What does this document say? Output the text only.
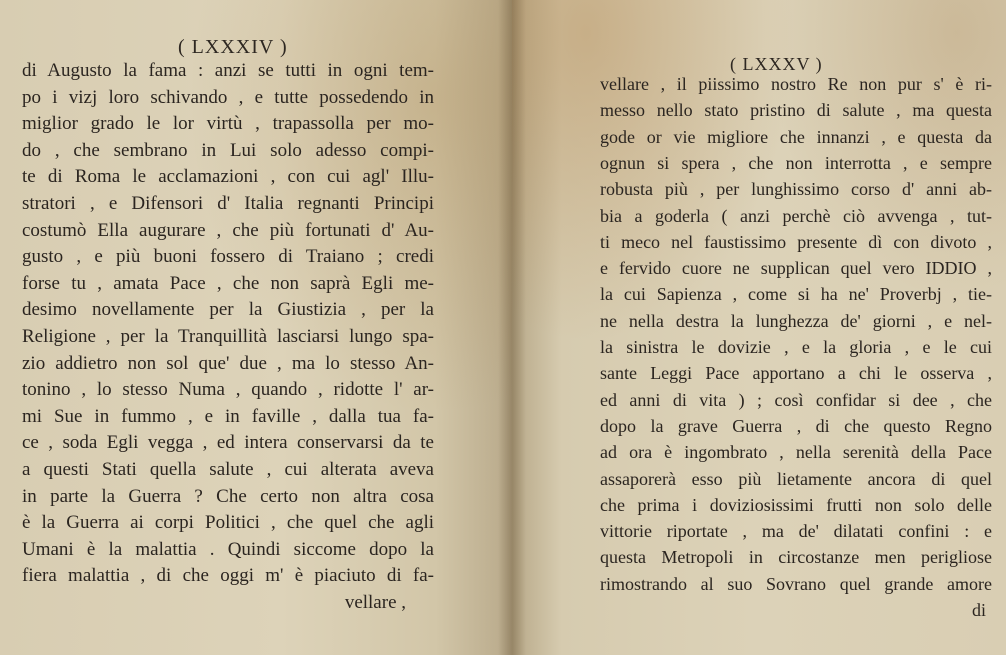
( LXXXIV )
di Augusto la fama : anzi se tutti in ogni tem-
po i vizj loro schivando , e tutte possedendo in
miglior grado le lor virtù , trapassolla per mo-
do , che sembrano in Lui solo adesso compi-
te di Roma le acclamazioni , con cui agl' Illu-
stratori , e Difensori d' Italia regnanti Principi
costumò Ella augurare , che più fortunati d' Au-
gusto , e più buoni fossero di Traiano ; credi
forse tu , amata Pace , che non saprà Egli me-
desimo novellamente per la Giustizia , per la
Religione , per la Tranquillità lasciarsi lungo spa-
zio addietro non sol que' due , ma lo stesso An-
tonino , lo stesso Numa , quando , ridotte l' ar-
mi Sue in fummo , e in faville , dalla tua fa-
ce , soda Egli vegga , ed intera conservarsi da te
a questi Stati quella salute , cui alterata aveva
in parte la Guerra ? Che certo non altra cosa
è la Guerra ai corpi Politici , che quel che agli
Umani è la malattia . Quindi siccome dopo la
fiera malattia , di che oggi m' è piaciuto di fa-
vellare ,
( LXXXV )
vellare , il piissimo nostro Re non pur s' è ri-
messo nello stato pristino di salute , ma questa
gode or vie migliore che innanzi , e questa da
ognun si spera , che non interrotta , e sempre
robusta più , per lunghissimo corso d' anni ab-
bia a goderla ( anzi perchè ciò avvenga , tut-
ti meco nel faustissimo presente dì con divoto ,
e fervido cuore ne supplican quel vero IDDIO ,
la cui Sapienza , come si ha ne' Proverbj , tie-
ne nella destra la lunghezza de' giorni , e nel-
la sinistra le dovizie , e la gloria , e le cui
sante Leggi Pace apportano a chi le osserva ,
ed anni di vita ) ; così confidar si dee , che
dopo la grave Guerra , di che questo Regno
ad ora è ingombrato , nella serenità della Pace
assaporerà esso più lietamente ancora di quel
che prima i doviziosissimi frutti non solo delle
vittorie riportate , ma de' dilatati confini : e
questa Metropoli in circostanze men perigliose
rimostrando al suo Sovrano quel grande amore
di
